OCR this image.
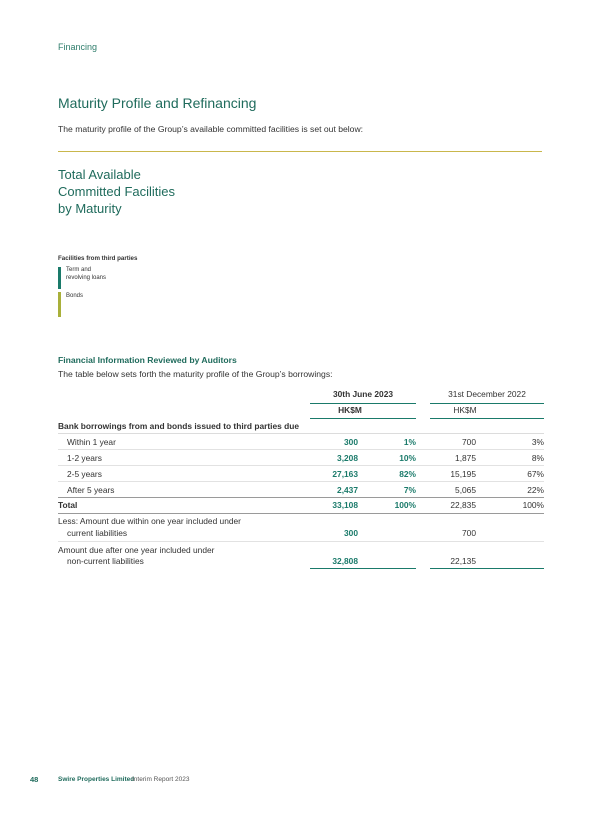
Financing
Maturity Profile and Refinancing
The maturity profile of the Group’s available committed facilities is set out below:
Total Available
Committed Facilities
by Maturity
Facilities from third parties
Term and
revolving loans
Bonds
Financial Information Reviewed by Auditors
The table below sets forth the maturity profile of the Group’s borrowings:
30th June 2023	31st December 2022
HK$M	HK$M
Bank borrowings from and bonds issued to third parties due
Within 1 year	300	1%	700	3%
1-2 years	3,208	10%	1,875	8%
2-5 years	27,163	82%	15,195	67%
After 5 years	2,437	7%	5,065	22%
Total	33,108	100%	22,835	100%
Less: Amount due within one year included under
current liabilities	300	700
Amount due after one year included under
non-current liabilities	32,808	22,135
48	Swire Properties Limited
Interim Report 2023
